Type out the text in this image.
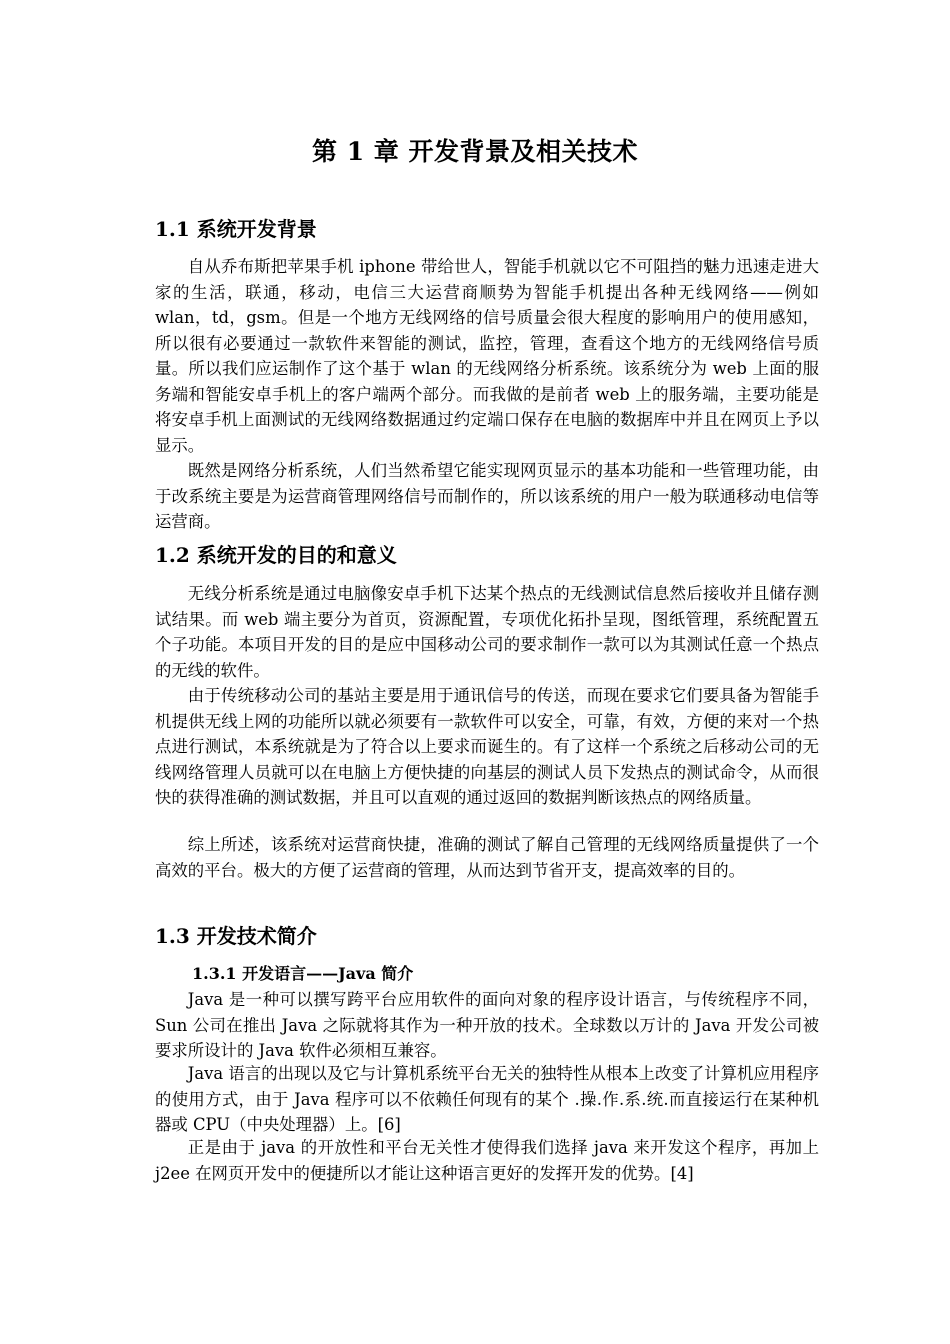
第 1 章 开发背景及相关技术
1.1 系统开发背景

自从乔布斯把苹果手机 iphone 带给世人，智能手机就以它不可阻挡的魅力迅速走进大家的生活，联通，移动，电信三大运营商顺势为智能手机提出各种无线网络——例如 wlan，td，gsm。但是一个地方无线网络的信号质量会很大程度的影响用户的使用感知，所以很有必要通过一款软件来智能的测试，监控，管理，查看这个地方的无线网络信号质量。所以我们应运制作了这个基于 wlan 的无线网络分析系统。该系统分为 web 上面的服务端和智能安卓手机上的客户端两个部分。而我做的是前者 web 上的服务端，主要功能是将安卓手机上面测试的无线网络数据通过约定端口保存在电脑的数据库中并且在网页上予以显示。

既然是网络分析系统，人们当然希望它能实现网页显示的基本功能和一些管理功能，由于改系统主要是为运营商管理网络信号而制作的，所以该系统的用户一般为联通移动电信等运营商。

1.2 系统开发的目的和意义

无线分析系统是通过电脑像安卓手机下达某个热点的无线测试信息然后接收并且储存测试结果。而 web 端主要分为首页，资源配置，专项优化拓扑呈现，图纸管理，系统配置五个子功能。本项目开发的目的是应中国移动公司的要求制作一款可以为其测试任意一个热点的无线的软件。

由于传统移动公司的基站主要是用于通讯信号的传送，而现在要求它们要具备为智能手机提供无线上网的功能所以就必须要有一款软件可以安全，可靠，有效，方便的来对一个热点进行测试，本系统就是为了符合以上要求而诞生的。有了这样一个系统之后移动公司的无线网络管理人员就可以在电脑上方便快捷的向基层的测试人员下发热点的测试命令，从而很快的获得准确的测试数据，并且可以直观的通过返回的数据判断该热点的网络质量。

综上所述，该系统对运营商快捷，准确的测试了解自己管理的无线网络质量提供了一个高效的平台。极大的方便了运营商的管理，从而达到节省开支，提高效率的目的。

1.3 开发技术简介
1.3.1 开发语言——Java 简介

Java 是一种可以撰写跨平台应用软件的面向对象的程序设计语言，与传统程序不同，Sun 公司在推出 Java 之际就将其作为一种开放的技术。全球数以万计的 Java 开发公司被要求所设计的 Java 软件必须相互兼容。

Java 语言的出现以及它与计算机系统平台无关的独特性从根本上改变了计算机应用程序的使用方式，由于 Java 程序可以不依赖任何现有的某个 .操.作.系.统.而直接运行在某种机器或 CPU（中央处理器）上。[6]

正是由于 java 的开放性和平台无关性才使得我们选择 java 来开发这个程序，再加上 j2ee 在网页开发中的便捷所以才能让这种语言更好的发挥开发的优势。[4]
